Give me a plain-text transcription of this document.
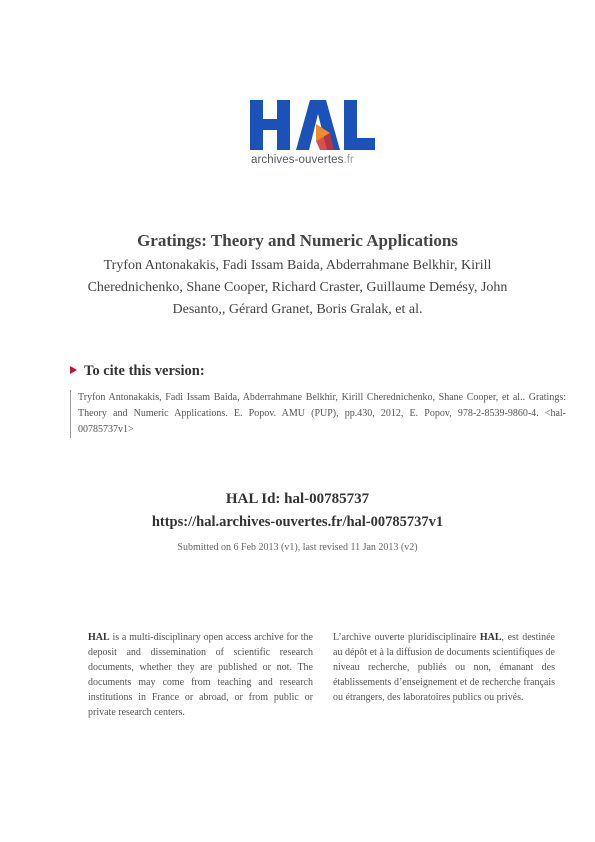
archives-ouvertes.fr
Gratings: Theory and Numeric Applications
Tryfon Antonakakis, Fadi Issam Baida, Abderrahmane Belkhir, Kirill Cherednichenko, Shane Cooper, Richard Craster, Guillaume Demésy, John Desanto,, Gérard Granet, Boris Gralak, et al.
To cite this version:
Tryfon Antonakakis, Fadi Issam Baida, Abderrahmane Belkhir, Kirill Cherednichenko, Shane Cooper, et al.. Gratings: Theory and Numeric Applications. E. Popov. AMU (PUP), pp.430, 2012, E. Popov, 978-2-8539-9860-4. <hal-00785737v1>
HAL Id: hal-00785737
https://hal.archives-ouvertes.fr/hal-00785737v1
Submitted on 6 Feb 2013 (v1), last revised 11 Jan 2013 (v2)
HAL is a multi-disciplinary open access archive for the deposit and dissemination of scientific research documents, whether they are published or not. The documents may come from teaching and research institutions in France or abroad, or from public or private research centers.
L’archive ouverte pluridisciplinaire HAL, est destinée au dépôt et à la diffusion de documents scientifiques de niveau recherche, publiés ou non, émanant des établissements d’enseignement et de recherche français ou étrangers, des laboratoires publics ou privés.
